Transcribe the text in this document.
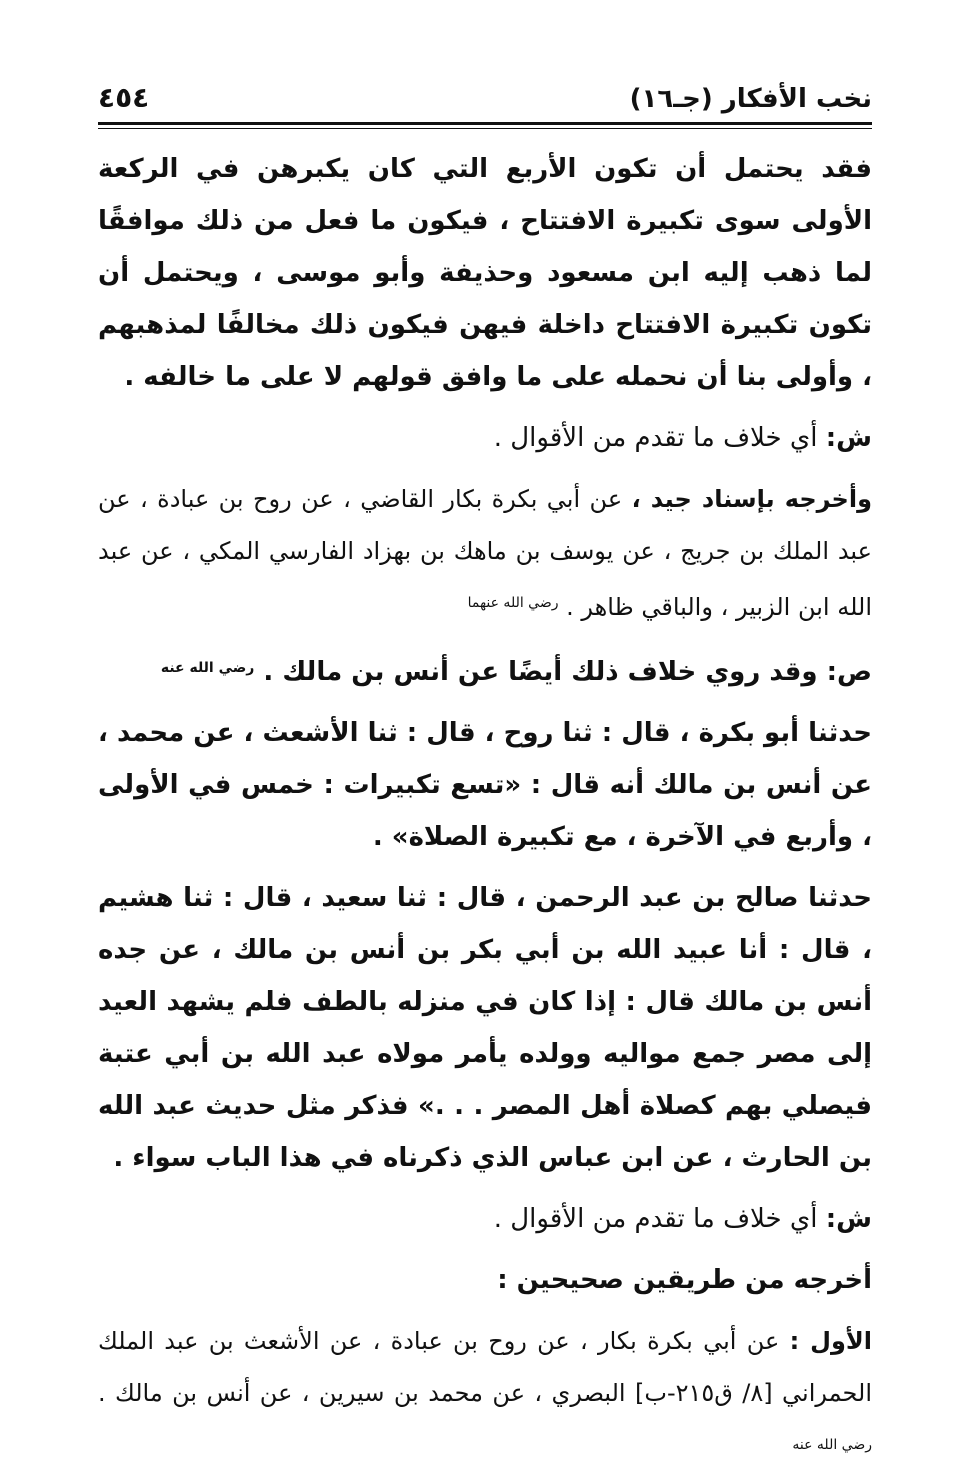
نخب الأفكار (جـ١٦)
٤٥٤

فقد يحتمل أن تكون الأربع التي كان يكبرهن في الركعة الأولى سوى تكبيرة الافتتاح ، فيكون ما فعل من ذلك موافقًا لما ذهب إليه ابن مسعود وحذيفة وأبو موسى ، ويحتمل أن تكون تكبيرة الافتتاح داخلة فيهن فيكون ذلك مخالفًا لمذهبهم ، وأولى بنا أن نحمله على ما وافق قولهم لا على ما خالفه .

ش: أي خلاف ما تقدم من الأقوال .

وأخرجه بإسناد جيد ، عن أبي بكرة بكار القاضي ، عن روح بن عبادة ، عن عبد الملك بن جريج ، عن يوسف بن ماهك بن بهزاد الفارسي المكي ، عن عبد الله ابن الزبير ، والباقي ظاهر . $^{رضي الله عنهما}$

ص: وقد روي خلاف ذلك أيضًا عن أنس بن مالك . $^{رضي الله عنه}$

حدثنا أبو بكرة ، قال : ثنا روح ، قال : ثنا الأشعث ، عن محمد ، عن أنس بن مالك أنه قال : «تسع تكبيرات : خمس في الأولى ، وأربع في الآخرة ، مع تكبيرة الصلاة» .

حدثنا صالح بن عبد الرحمن ، قال : ثنا سعيد ، قال : ثنا هشيم ، قال : أنا عبيد الله بن أبي بكر بن أنس بن مالك ، عن جده أنس بن مالك قال : إذا كان في منزله بالطف فلم يشهد العيد إلى مصر جمع مواليه وولده يأمر مولاه عبد الله بن أبي عتبة فيصلي بهم كصلاة أهل المصر . . .» فذكر مثل حديث عبد الله بن الحارث ، عن ابن عباس الذي ذكرناه في هذا الباب سواء .

ش: أي خلاف ما تقدم من الأقوال .

أخرجه من طريقين صحيحين :

الأول : عن أبي بكرة بكار ، عن روح بن عبادة ، عن الأشعث بن عبد الملك الحمراني [٨/ ق٢١٥-ب] البصري ، عن محمد بن سيرين ، عن أنس بن مالك . $^{رضي الله عنه}$
